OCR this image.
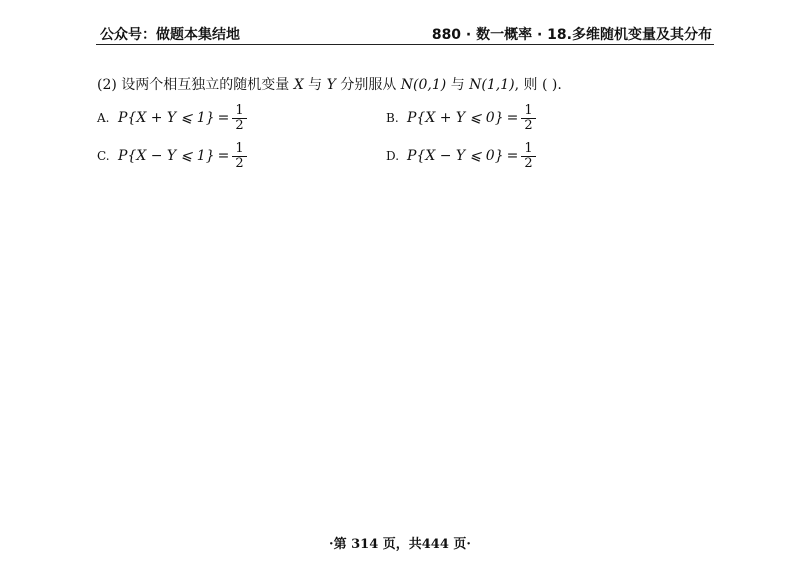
公众号：做题本集结地	880 · 数一概率 · 18.多维随机变量及其分布
(2) 设两个相互独立的随机变量 X 与 Y 分别服从 N(0,1) 与 N(1,1), 则 ( ).
A. P{X + Y ⩽ $1\} = \frac{1}{2}$	B. P{X + Y ⩽ $0\} = \frac{1}{2}$
C. P{X − Y ⩽ $1\} = \frac{1}{2}$	D. P{X − Y ⩽ $0\} = \frac{1}{2}$
·第 314 页，共444 页·
